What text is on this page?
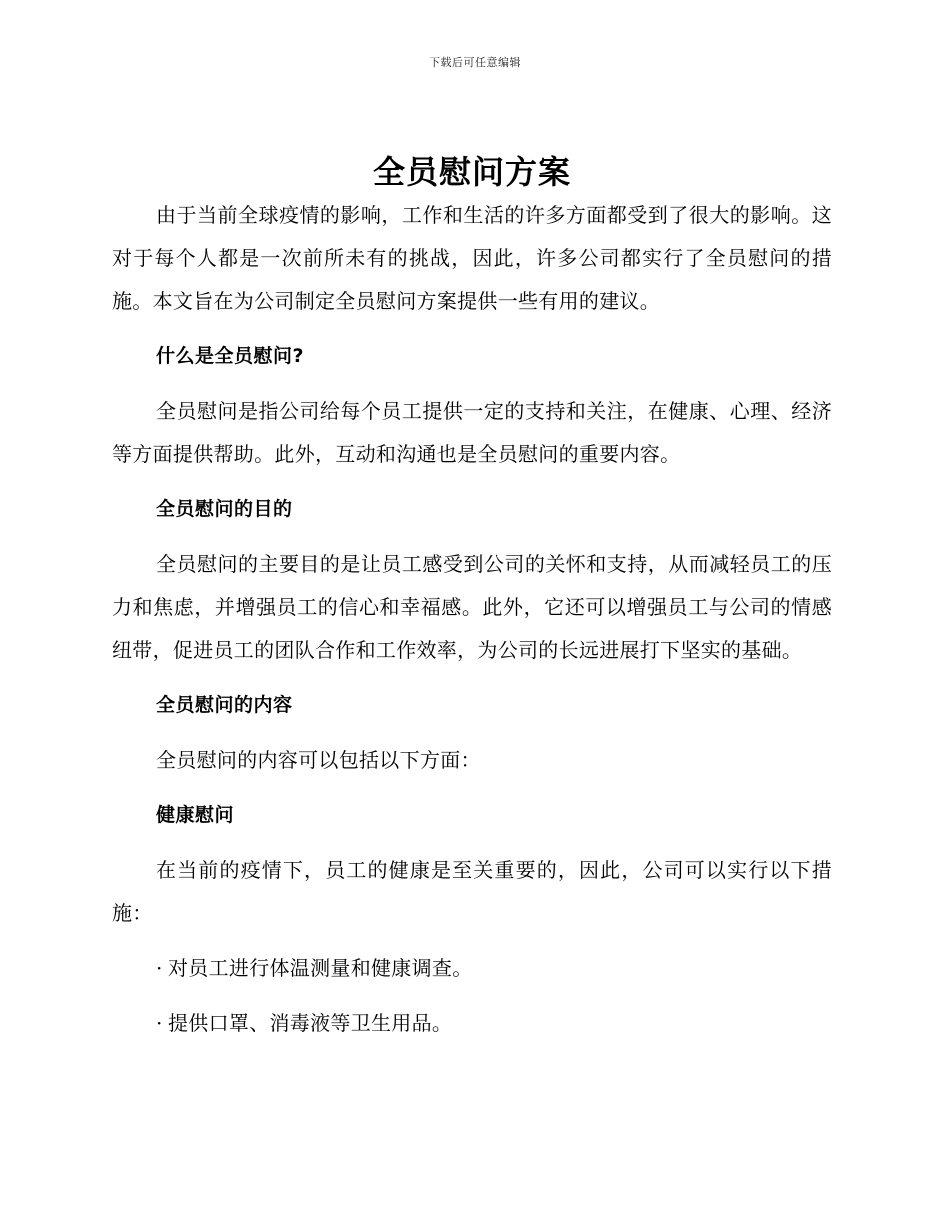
下载后可任意编辑
全员慰问方案

由于当前全球疫情的影响，工作和生活的许多方面都受到了很大的影响。这对于每个人都是一次前所未有的挑战，因此，许多公司都实行了全员慰问的措施。本文旨在为公司制定全员慰问方案提供一些有用的建议。

什么是全员慰问?

全员慰问是指公司给每个员工提供一定的支持和关注，在健康、心理、经济等方面提供帮助。此外，互动和沟通也是全员慰问的重要内容。

全员慰问的目的

全员慰问的主要目的是让员工感受到公司的关怀和支持，从而减轻员工的压力和焦虑，并增强员工的信心和幸福感。此外，它还可以增强员工与公司的情感纽带，促进员工的团队合作和工作效率，为公司的长远进展打下坚实的基础。

全员慰问的内容

全员慰问的内容可以包括以下方面：

健康慰问

在当前的疫情下，员工的健康是至关重要的，因此，公司可以实行以下措施：

· 对员工进行体温测量和健康调查。

· 提供口罩、消毒液等卫生用品。
